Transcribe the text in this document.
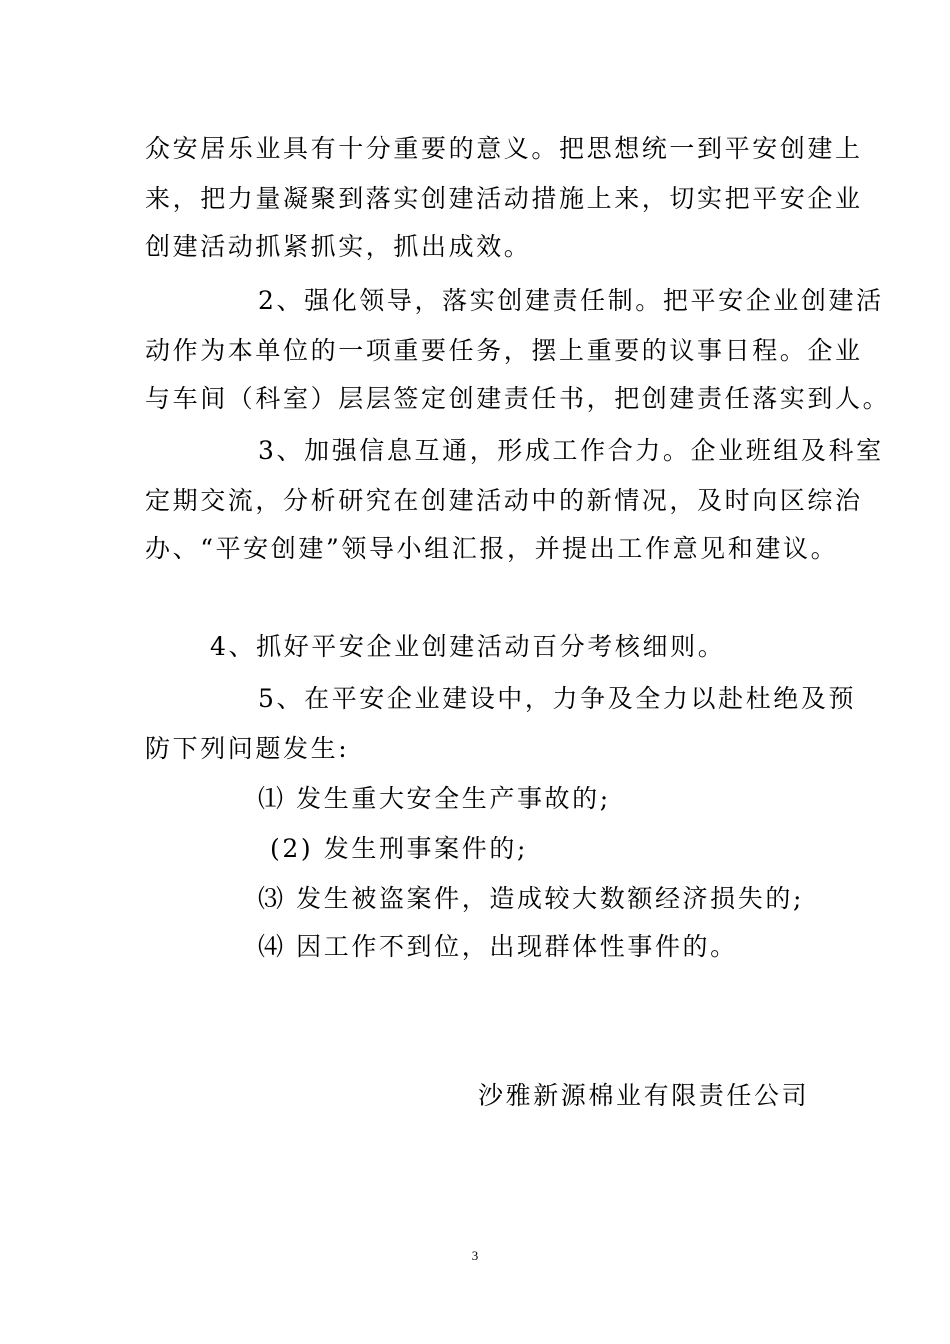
众安居乐业具有十分重要的意义。把思想统一到平安创建上
来，把力量凝聚到落实创建活动措施上来，切实把平安企业
创建活动抓紧抓实，抓出成效。
2、强化领导，落实创建责任制。把平安企业创建活
动作为本单位的一项重要任务，摆上重要的议事日程。企业
与车间（科室）层层签定创建责任书，把创建责任落实到人。
3、加强信息互通，形成工作合力。企业班组及科室
定期交流，分析研究在创建活动中的新情况，及时向区综治
办、“平安创建”领导小组汇报，并提出工作意见和建议。
4、抓好平安企业创建活动百分考核细则。
5、在平安企业建设中，力争及全力以赴杜绝及预
防下列问题发生:
⑴ 发生重大安全生产事故的;
(2) 发生刑事案件的;
⑶ 发生被盗案件，造成较大数额经济损失的;
⑷ 因工作不到位，出现群体性事件的。
沙雅新源棉业有限责任公司
3
